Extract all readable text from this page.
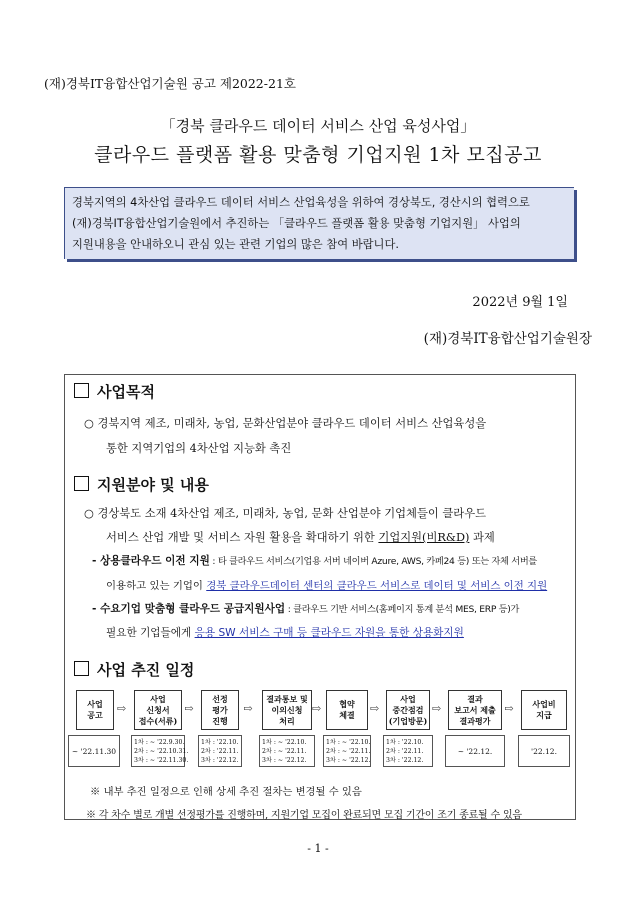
(재)경북IT융합산업기술원 공고 제2022-21호
「경북 클라우드 데이터 서비스 산업 육성사업」
클라우드 플랫폼 활용 맞춤형 기업지원 1차 모집공고
경북지역의 4차산업 클라우드 데이터 서비스 산업육성을 위하여 경상북도, 경산시의 협력으로
(재)경북IT융합산업기술원에서 추진하는 「클라우드 플랫폼 활용 맞춤형 기업지원」 사업의
지원내용을 안내하오니 관심 있는 관련 기업의 많은 참여 바랍니다.
2022년 9월 1일
(재)경북IT융합산업기술원장
사업목적
○ 경북지역 제조, 미래차, 농업, 문화산업분야 클라우드 데이터 서비스 산업육성을
통한 지역기업의 4차산업 지능화 촉진
지원분야 및 내용
○ 경상북도 소재 4차산업 제조, 미래차, 농업, 문화 산업분야 기업체들이 클라우드
서비스 산업 개발 및 서비스 자원 활용을 확대하기 위한 기업지원(비R&D) 과제
- 상용클라우드 이전 지원 : 타 클라우드 서비스(기업용 서버 네이버 Azure, AWS, 카페24 등) 또는 자체 서버를
이용하고 있는 기업이 경북 클라우드데이터 센터의 클라우드 서비스로 데이터 및 서비스 이전 지원
- 수요기업 맞춤형 클라우드 공급지원사업 : 클라우드 기반 서비스(홈페이지 통계 분석 MES, ERP 등)가
필요한 기업들에게 응용 SW 서비스 구매 등 클라우드 자원을 통한 상용화지원
사업 추진 일정
사업
공고
~ '22.11.30
⇨
사업
신청서
접수(서류)
1차 : ~ '22.9.30.
2차 : ~ '22.10.31.
3차 : ~ '22.11.30.
⇨
선정
평가
진행
1차 : '22.10.
2차 : '22.11.
3차 : '22.12.
⇨
결과통보 및
이의신청
처리
1차 : ~ '22.10.
2차 : ~ '22.11.
3차 : ~ '22.12.
⇨	협약
체결
1차 : ~ '22.10.
2차 : ~ '22.11.
3차 : ~ '22.12.
⇨
사업
중간점검
(기업방문)
1차 : '22.10.
2차 : '22.11.
3차 : '22.12.
⇨
결과
보고서 제출
결과평가
~ '22.12.
⇨	사업비
지급
'22.12.
※ 내부 추진 일정으로 인해 상세 추진 절차는 변경될 수 있음
※ 각 차수 별로 개별 선정평가를 진행하며, 지원기업 모집이 완료되면 모집 기간이 조기 종료될 수 있음
- 1 -
